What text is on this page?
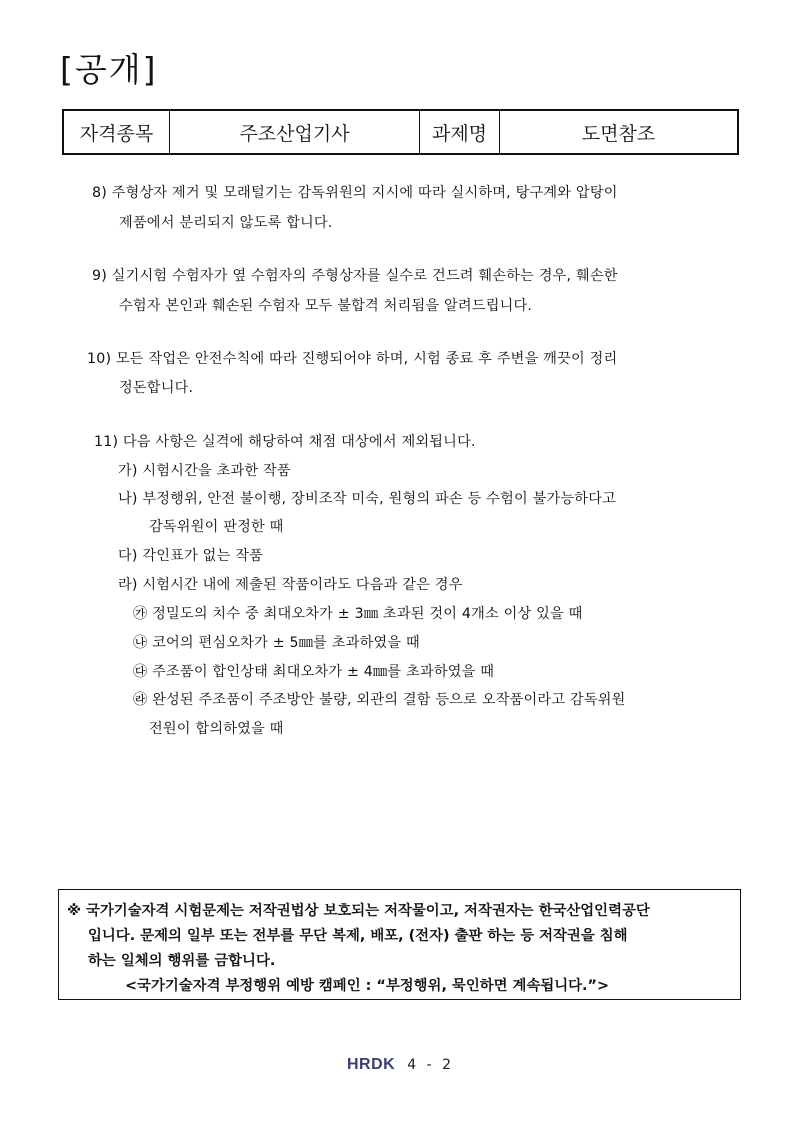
[공개]
자격종목	주조산업기사	과제명	도면참조
8) 주형상자 제거 및 모래털기는 감독위원의 지시에 따라 실시하며, 탕구계와 압탕이
제품에서 분리되지 않도록 합니다.
9) 실기시험 수험자가 옆 수험자의 주형상자를 실수로 건드려 훼손하는 경우, 훼손한
수험자 본인과 훼손된 수험자 모두 불합격 처리됨을 알려드립니다.
10) 모든 작업은 안전수칙에 따라 진행되어야 하며, 시험 종료 후 주변을 깨끗이 정리
정돈합니다.
11) 다음 사항은 실격에 해당하여 채점 대상에서 제외됩니다.
가) 시험시간을 초과한 작품
나) 부정행위, 안전 불이행, 장비조작 미숙, 원형의 파손 등 수험이 불가능하다고
감독위원이 판정한 때
다) 각인표가 없는 작품
라) 시험시간 내에 제출된 작품이라도 다음과 같은 경우
㉮ 정밀도의 치수 중 최대오차가 ± 3㎜ 초과된 것이 4개소 이상 있을 때
㉯ 코어의 편심오차가 ± 5㎜를 초과하였을 때
㉰ 주조품이 합인상태 최대오차가 ± 4㎜를 초과하였을 때
㉱ 완성된 주조품이 주조방안 불량, 외관의 결함 등으로 오작품이라고 감독위원
전원이 합의하였을 때
※ 국가기술자격 시험문제는 저작권법상 보호되는 저작물이고, 저작권자는 한국산업인력공단
입니다. 문제의 일부 또는 전부를 무단 복제, 배포, (전자) 출판 하는 등 저작권을 침해
하는 일체의 행위를 금합니다.
<국가기술자격 부정행위 예방 캠페인 : “부정행위, 묵인하면 계속됩니다.”>
HRDK 4 - 2
